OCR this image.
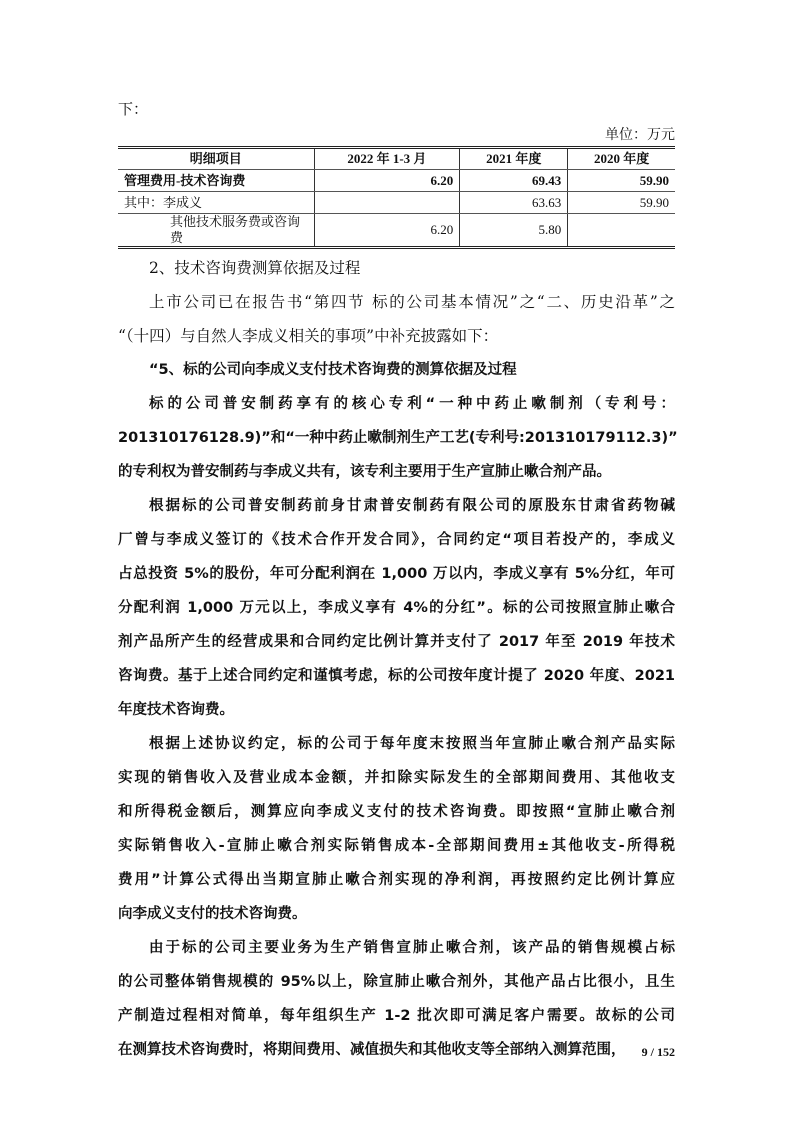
下：
单位：万元
明细项目	2022 年 1-3 月	2021 年度	2020 年度
管理费用-技术咨询费	6.20	69.43	59.90
其中：李成义		63.63	59.90
其他技术服务费或咨询费	6.20	5.80	
2、技术咨询费测算依据及过程
上市公司已在报告书“第四节 标的公司基本情况”之“二、历史沿革”之
“（十四）与自然人李成义相关的事项”中补充披露如下：
“5、标的公司向李成义支付技术咨询费的测算依据及过程
标的公司普安制药享有的核心专利“一种中药止嗽制剂（专利号：
201310176128.9)”和“一种中药止嗽制剂生产工艺(专利号:201310179112.3)”
的专利权为普安制药与李成义共有，该专利主要用于生产宣肺止嗽合剂产品。
根据标的公司普安制药前身甘肃普安制药有限公司的原股东甘肃省药物碱
厂曾与李成义签订的《技术合作开发合同》，合同约定“项目若投产的，李成义
占总投资 5%的股份，年可分配利润在 1,000 万以内，李成义享有 5%分红，年可
分配利润 1,000 万元以上，李成义享有 4%的分红”。标的公司按照宣肺止嗽合
剂产品所产生的经营成果和合同约定比例计算并支付了 2017 年至 2019 年技术
咨询费。基于上述合同约定和谨慎考虑，标的公司按年度计提了 2020 年度、2021
年度技术咨询费。
根据上述协议约定，标的公司于每年度末按照当年宣肺止嗽合剂产品实际
实现的销售收入及营业成本金额，并扣除实际发生的全部期间费用、其他收支
和所得税金额后，测算应向李成义支付的技术咨询费。即按照“宣肺止嗽合剂
实际销售收入-宣肺止嗽合剂实际销售成本-全部期间费用±其他收支-所得税
费用”计算公式得出当期宣肺止嗽合剂实现的净利润，再按照约定比例计算应
向李成义支付的技术咨询费。
由于标的公司主要业务为生产销售宣肺止嗽合剂，该产品的销售规模占标
的公司整体销售规模的 95%以上，除宣肺止嗽合剂外，其他产品占比很小，且生
产制造过程相对简单，每年组织生产 1-2 批次即可满足客户需要。故标的公司
在测算技术咨询费时，将期间费用、减值损失和其他收支等全部纳入测算范围，	9 / 152
